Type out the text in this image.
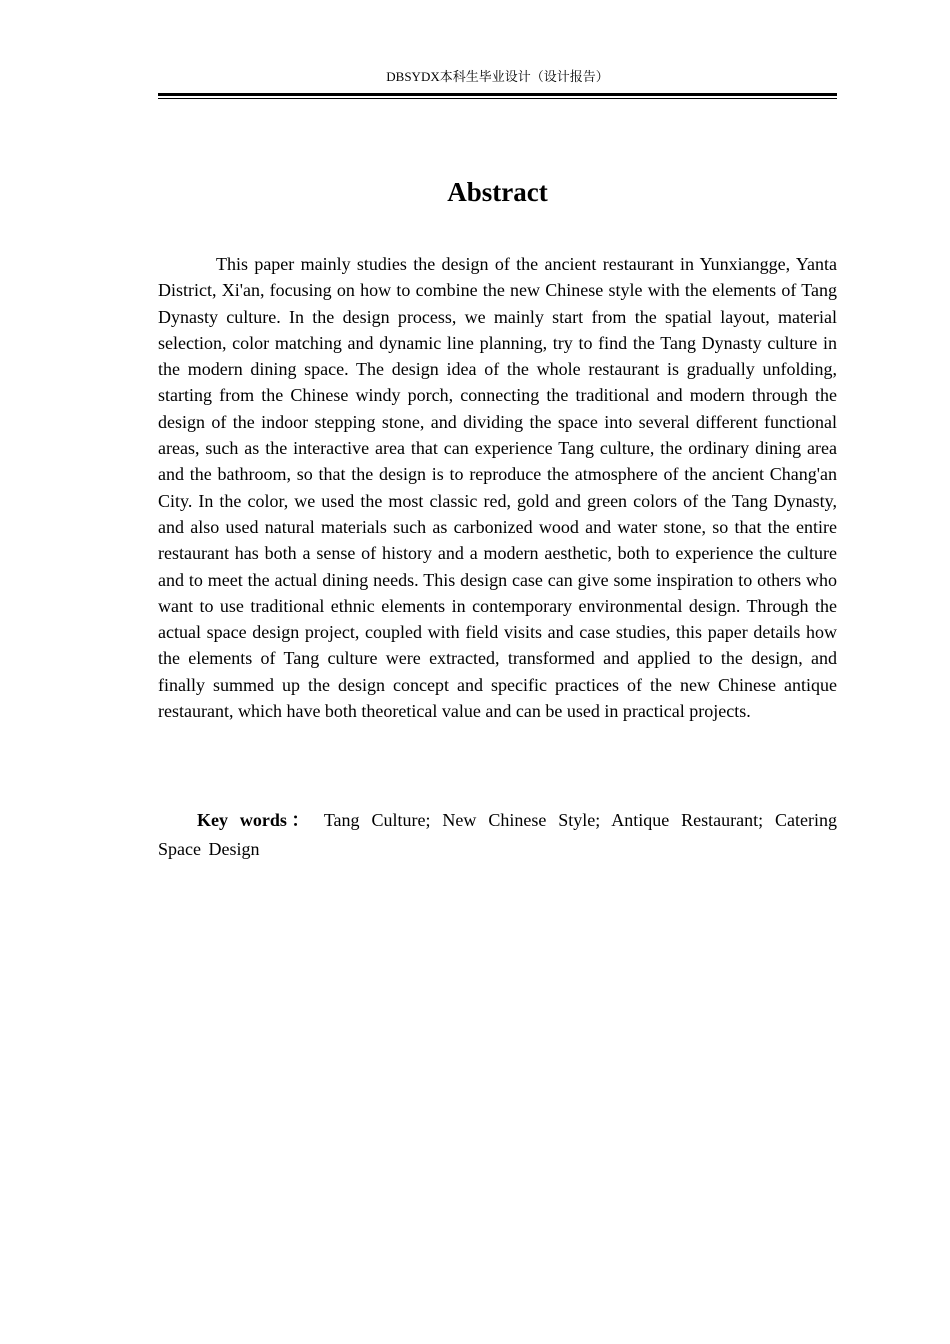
DBSYDX本科生毕业设计（设计报告）
Abstract

This paper mainly studies the design of the ancient restaurant in Yunxiangge, Yanta District, Xi'an, focusing on how to combine the new Chinese style with the elements of Tang Dynasty culture. In the design process, we mainly start from the spatial layout, material selection, color matching and dynamic line planning, try to find the Tang Dynasty culture in the modern dining space. The design idea of the whole restaurant is gradually unfolding, starting from the Chinese windy porch, connecting the traditional and modern through the design of the indoor stepping stone, and dividing the space into several different functional areas, such as the interactive area that can experience Tang culture, the ordinary dining area and the bathroom, so that the design is to reproduce the atmosphere of the ancient Chang'an City. In the color, we used the most classic red, gold and green colors of the Tang Dynasty, and also used natural materials such as carbonized wood and water stone, so that the entire restaurant has both a sense of history and a modern aesthetic, both to experience the culture and to meet the actual dining needs. This design case can give some inspiration to others who want to use traditional ethnic elements in contemporary environmental design. Through the actual space design project, coupled with field visits and case studies, this paper details how the elements of Tang culture were extracted, transformed and applied to the design, and finally summed up the design concept and specific practices of the new Chinese antique restaurant, which have both theoretical value and can be used in practical projects.

Key words： Tang Culture; New Chinese Style; Antique Restaurant; Catering Space Design
